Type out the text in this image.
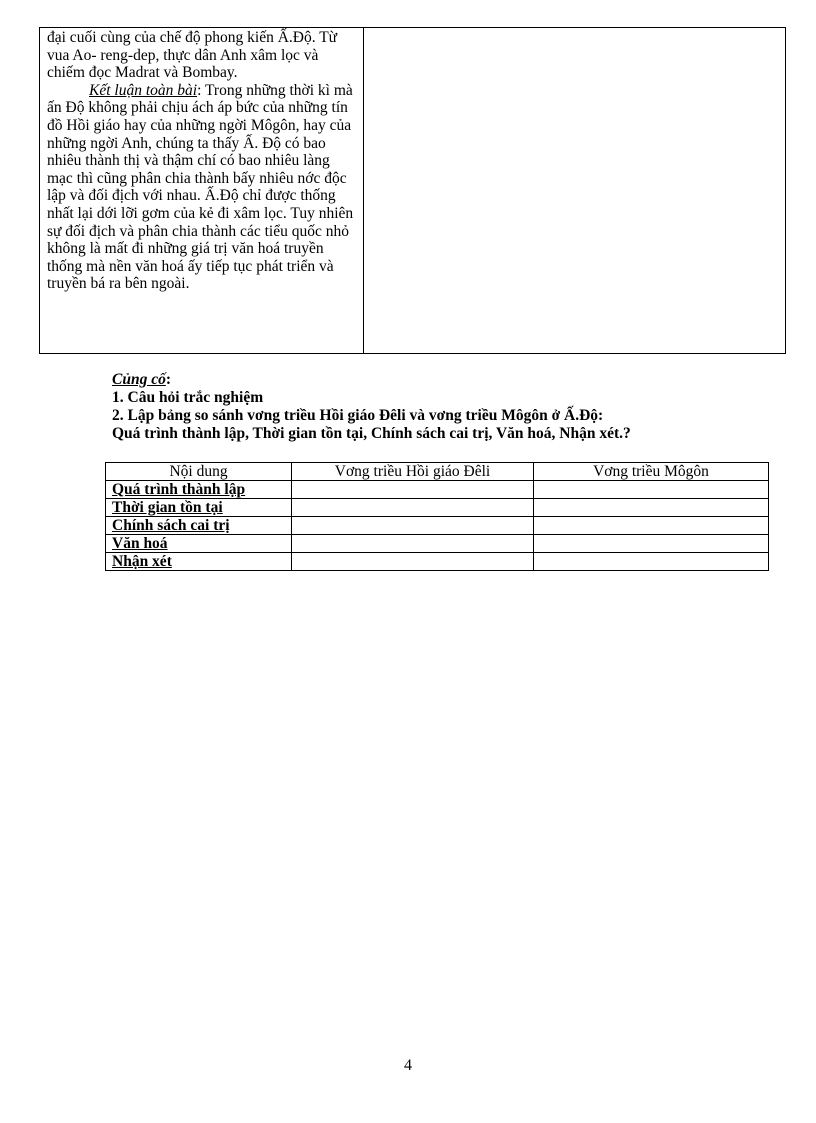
đại cuối cùng của chế độ phong kiến Ấ.Độ. Từ vua Ao- reng-dep, thực dân Anh xâm lọc và chiếm đọc Madrat và Bombay.

Kết luận toàn bài: Trong những thời kì mà ấn Độ không phải chịu ách áp bức của những tín đồ Hồi giáo hay của những ngời Môgôn, hay của những ngời Anh, chúng ta thấy Ấ. Độ có bao nhiêu thành thị và thậm chí có bao nhiêu làng mạc thì cũng phân chia thành bấy nhiêu nớc độc lập và đối địch với nhau. Ấ.Độ chỉ được thống nhất lại dới lỡi gơm của kẻ đi xâm lọc. Tuy nhiên sự đối địch và phân chia thành các tiểu quốc nhỏ không là mất đi những giá trị văn hoá truyền thống mà nền văn hoá ấy tiếp tục phát triển và truyền bá ra bên ngoài.

Củng cố:
1. Câu hỏi trắc nghiệm
2. Lập bảng so sánh vơng triều Hồi giáo Đêli và vơng triều Môgôn ở Ấ.Độ:
Quá trình thành lập, Thời gian tồn tại, Chính sách cai trị, Văn hoá, Nhận xét.?
Nội dung	Vơng triều Hồi giáo Đêli	Vơng triều Môgôn
Quá trình thành lập		
Thời gian tồn tại		
Chính sách cai trị		
Văn hoá		
Nhận xét		
4
